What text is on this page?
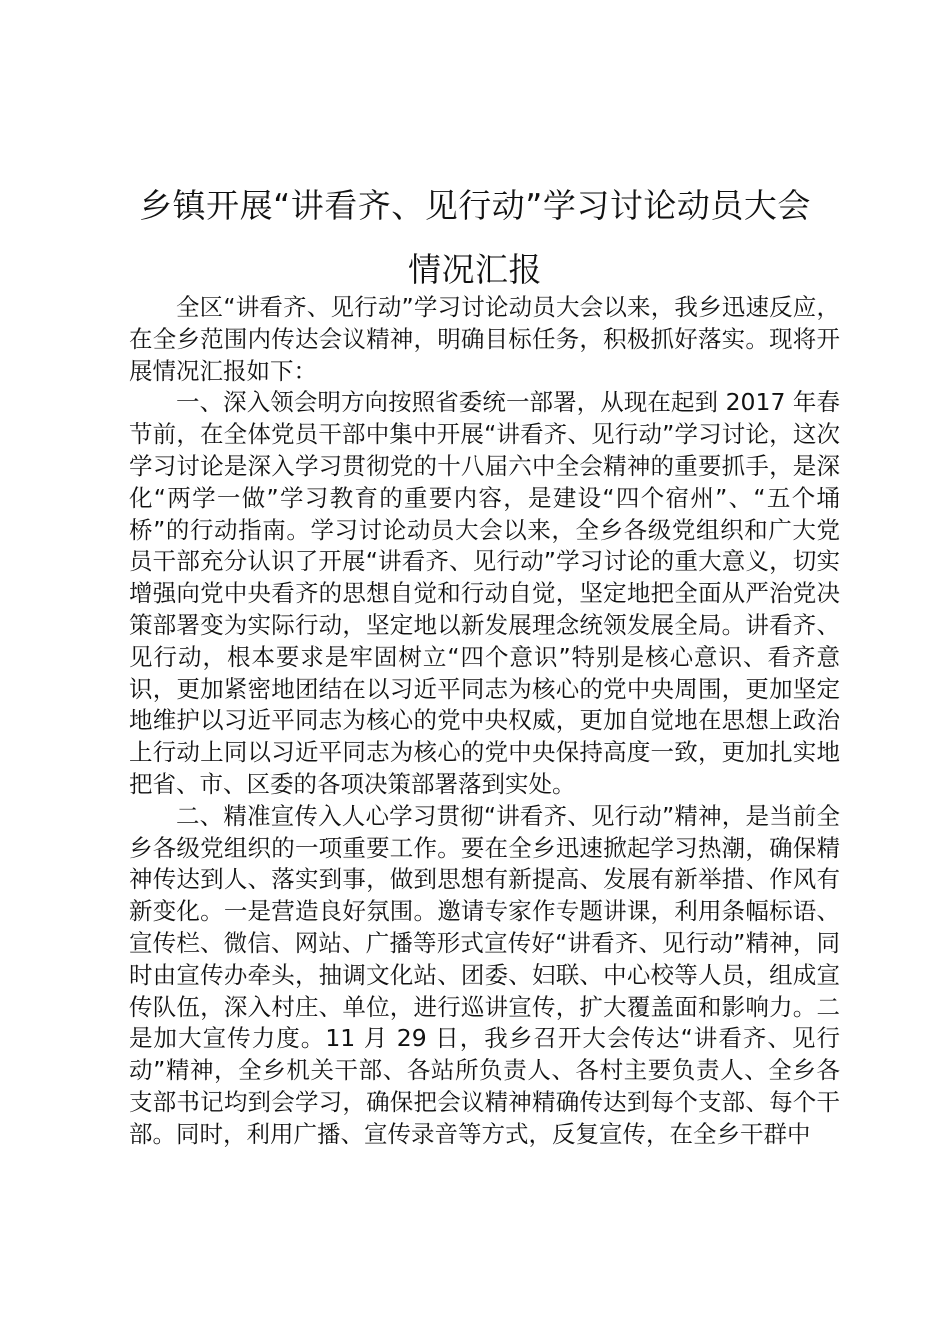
乡镇开展“讲看齐、见行动”学习讨论动员大会
情况汇报

全区“讲看齐、见行动”学习讨论动员大会以来，我乡迅速反应，在全乡范围内传达会议精神，明确目标任务，积极抓好落实。现将开展情况汇报如下：

一、深入领会明方向按照省委统一部署，从现在起到 2017 年春节前，在全体党员干部中集中开展“讲看齐、见行动”学习讨论，这次学习讨论是深入学习贯彻党的十八届六中全会精神的重要抓手，是深化“两学一做”学习教育的重要内容，是建设“四个宿州”、“五个埇桥”的行动指南。学习讨论动员大会以来，全乡各级党组织和广大党员干部充分认识了开展“讲看齐、见行动”学习讨论的重大意义，切实增强向党中央看齐的思想自觉和行动自觉，坚定地把全面从严治党决策部署变为实际行动，坚定地以新发展理念统领发展全局。讲看齐、见行动，根本要求是牢固树立“四个意识”特别是核心意识、看齐意识，更加紧密地团结在以习近平同志为核心的党中央周围，更加坚定地维护以习近平同志为核心的党中央权威，更加自觉地在思想上政治上行动上同以习近平同志为核心的党中央保持高度一致，更加扎实地把省、市、区委的各项决策部署落到实处。

二、精准宣传入人心学习贯彻“讲看齐、见行动”精神，是当前全乡各级党组织的一项重要工作。要在全乡迅速掀起学习热潮，确保精神传达到人、落实到事，做到思想有新提高、发展有新举措、作风有新变化。一是营造良好氛围。邀请专家作专题讲课，利用条幅标语、宣传栏、微信、网站、广播等形式宣传好“讲看齐、见行动”精神，同时由宣传办牵头，抽调文化站、团委、妇联、中心校等人员，组成宣传队伍，深入村庄、单位，进行巡讲宣传，扩大覆盖面和影响力。二是加大宣传力度。11 月 29 日，我乡召开大会传达“讲看齐、见行动”精神，全乡机关干部、各站所负责人、各村主要负责人、全乡各支部书记均到会学习，确保把会议精神精确传达到每个支部、每个干部。同时，利用广播、宣传录音等方式，反复宣传，在全乡干群中
